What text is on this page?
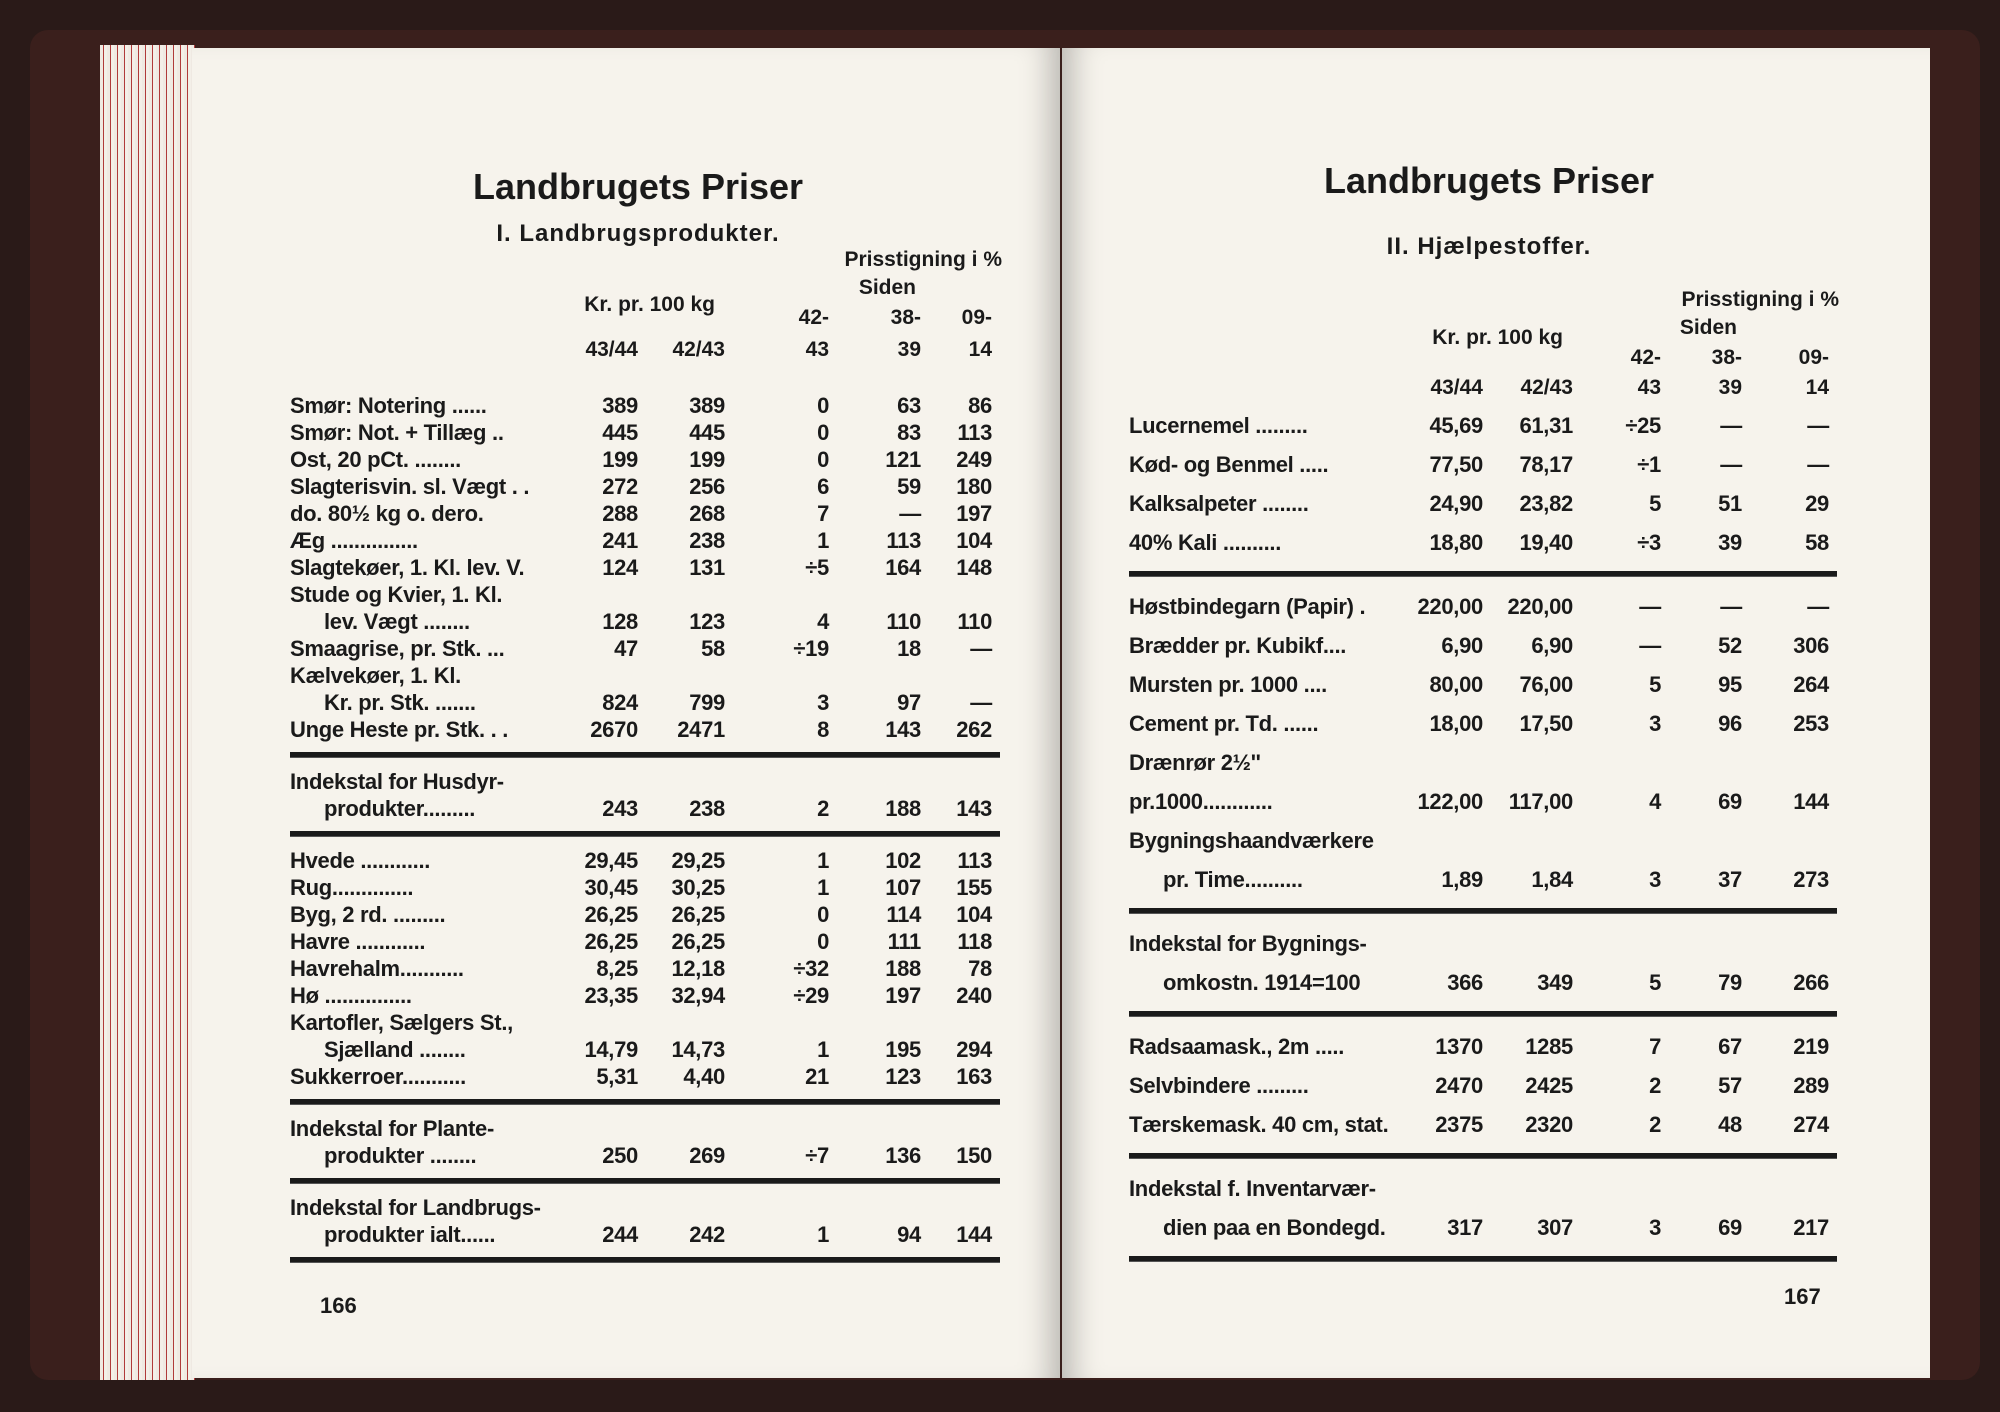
Landbrugets Priser
I. Landbrugsprodukter.
Kr. pr. 100 kg
Prisstigning i %
Siden
43/44 42/43
42-
43
38-
39
09-
14
Smør: Notering ......	389 389	0	63 86
Smør: Not. + Tillæg ..	445 445	0	83 113
Ost, 20 pCt. ........	199 199	0	121 249
Slagterisvin. sl. Vægt . .	272 256	6	59 180
do. 80½ kg o. dero.	288 268	7	— 197
Æg ...............	241 238	1	113 104
Slagtekøer, 1. Kl. lev. V.	124 131	÷5	164 148
Stude og Kvier, 1. Kl.
lev. Vægt ........	128 123	4	110 110
Smaagrise, pr. Stk. ...	47	58	÷19	18 —
Kælvekøer, 1. Kl.
Kr. pr. Stk. .......	824 799	3	97 —
Unge Heste pr. Stk. . .	2670 2471	8	143 262
Indekstal for Husdyr-
produkter.........	243 238	2	188 143
Hvede ............	29,45 29,25	1	102 113
Rug..............	30,45 30,25	1	107 155
Byg, 2 rd. .........	26,25 26,25	0	114 104
Havre ............	26,25 26,25	0	111 118
Havrehalm...........	8,25 12,18	÷32	188 78
Hø ...............	23,35 32,94	÷29	197 240
Kartofler, Sælgers St.,
Sjælland ........	14,79 14,73	1	195 294
Sukkerroer...........	5,31 4,40	21	123 163
Indekstal for Plante-
produkter ........	250 269	÷7	136 150
Indekstal for Landbrugs-
produkter ialt......	244 242	1	94 144
166
Landbrugets Priser
II. Hjælpestoffer.
Kr. pr. 100 kg
Prisstigning i %
Siden
43/44 42/43
42-
43
38-
39
09-
14
Lucernemel .........	45,69 61,31 ÷25	—	—
Kød- og Benmel .....	77,50 78,17	÷1	—	—
Kalksalpeter ........	24,90 23,82	5	51	29
40% Kali ..........	18,80 19,40	÷3	39	58
Høstbindegarn (Papir) .	220,00 220,00	—	—	—
Brædder pr. Kubikf....	6,90 6,90	—	52 306
Mursten pr. 1000 ....	80,00 76,00	5	95 264
Cement pr. Td. ......	18,00 17,50	3	96 253
Drænrør 2½''
pr.1000............	122,00 117,00	4	69 144
Bygningshaandværkere
pr. Time..........	1,89 1,84	3	37 273
Indekstal for Bygnings-
omkostn. 1914=100	366 349	5	79 266
Radsaamask., 2m .....	1370 1285	7	67 219
Selvbindere .........	2470 2425	2	57 289
Tærskemask. 40 cm, stat.	2375 2320	2	48 274
Indekstal f. Inventarvær-
dien paa en Bondegd.	317 307	3	69 217
167
